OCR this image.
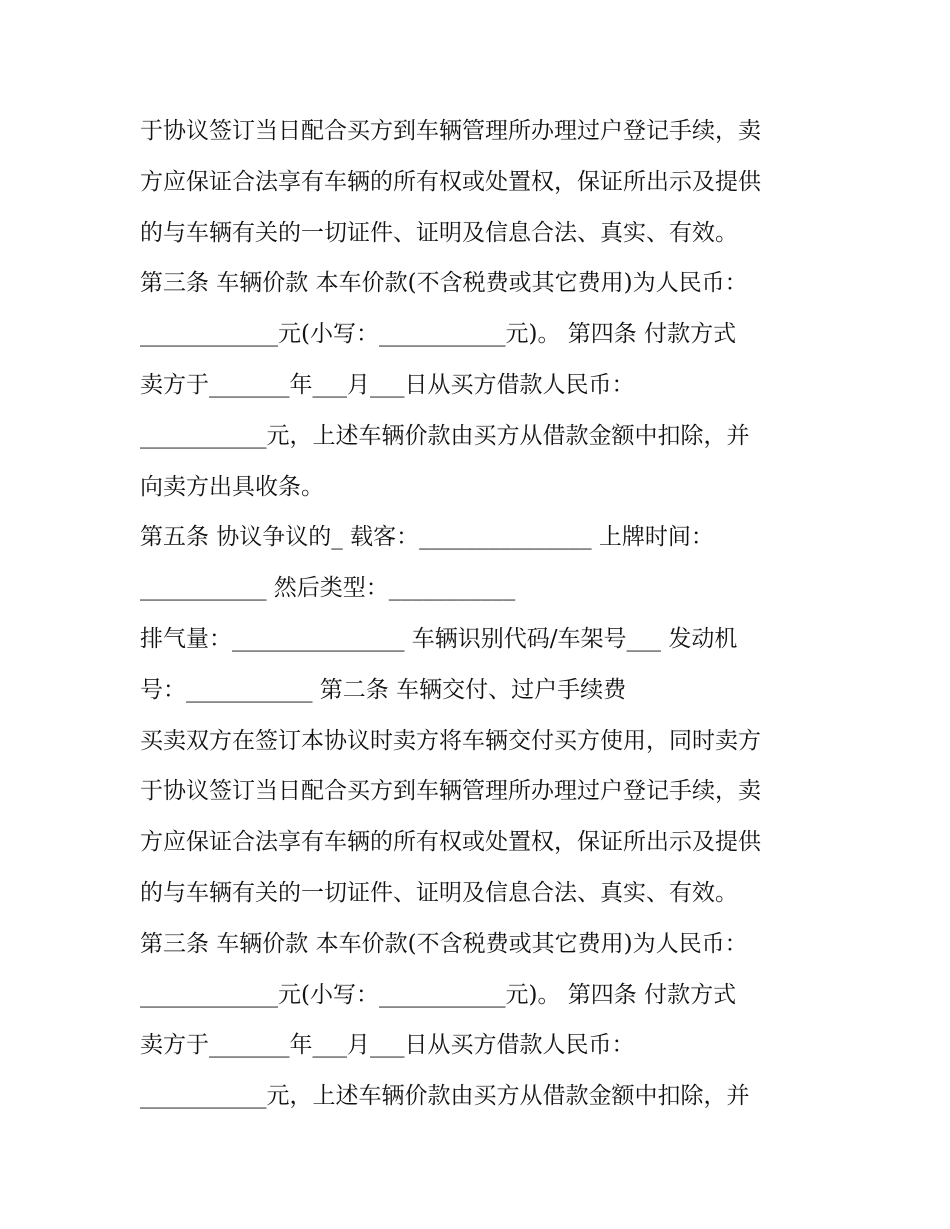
于协议签订当日配合买方到车辆管理所办理过户登记手续，卖
方应保证合法享有车辆的所有权或处置权，保证所出示及提供
的与车辆有关的一切证件、证明及信息合法、真实、有效。
第三条 车辆价款 本车价款(不含税费或其它费用)为人民币：
____________元(小写：___________元)。 第四条 付款方式
卖方于_______年___月___日从买方借款人民币：
___________元，上述车辆价款由买方从借款金额中扣除，并
向卖方出具收条。
第五条 协议争议的_ 载客：_______________ 上牌时间：
___________ 然后类型：___________
排气量：_______________ 车辆识别代码/车架号___ 发动机
号：___________ 第二条 车辆交付、过户手续费
买卖双方在签订本协议时卖方将车辆交付买方使用，同时卖方
于协议签订当日配合买方到车辆管理所办理过户登记手续，卖
方应保证合法享有车辆的所有权或处置权，保证所出示及提供
的与车辆有关的一切证件、证明及信息合法、真实、有效。
第三条 车辆价款 本车价款(不含税费或其它费用)为人民币：
____________元(小写：___________元)。 第四条 付款方式
卖方于_______年___月___日从买方借款人民币：
___________元，上述车辆价款由买方从借款金额中扣除，并
